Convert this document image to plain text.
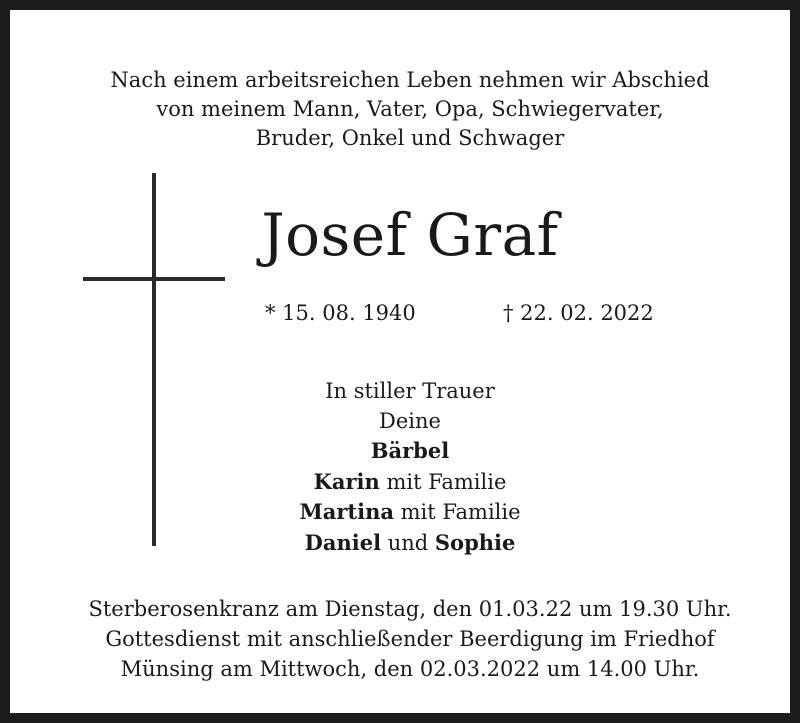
Nach einem arbeitsreichen Leben nehmen wir Abschied
von meinem Mann, Vater, Opa, Schwiegervater,
Bruder, Onkel und Schwager
Josef Graf
* 15. 08. 1940	† 22. 02. 2022
In stiller Trauer
Deine
Bärbel
Karin mit Familie
Martina mit Familie
Daniel und Sophie
Sterberosenkranz am Dienstag, den 01.03.22 um 19.30 Uhr.
Gottesdienst mit anschließender Beerdigung im Friedhof
Münsing am Mittwoch, den 02.03.2022 um 14.00 Uhr.
